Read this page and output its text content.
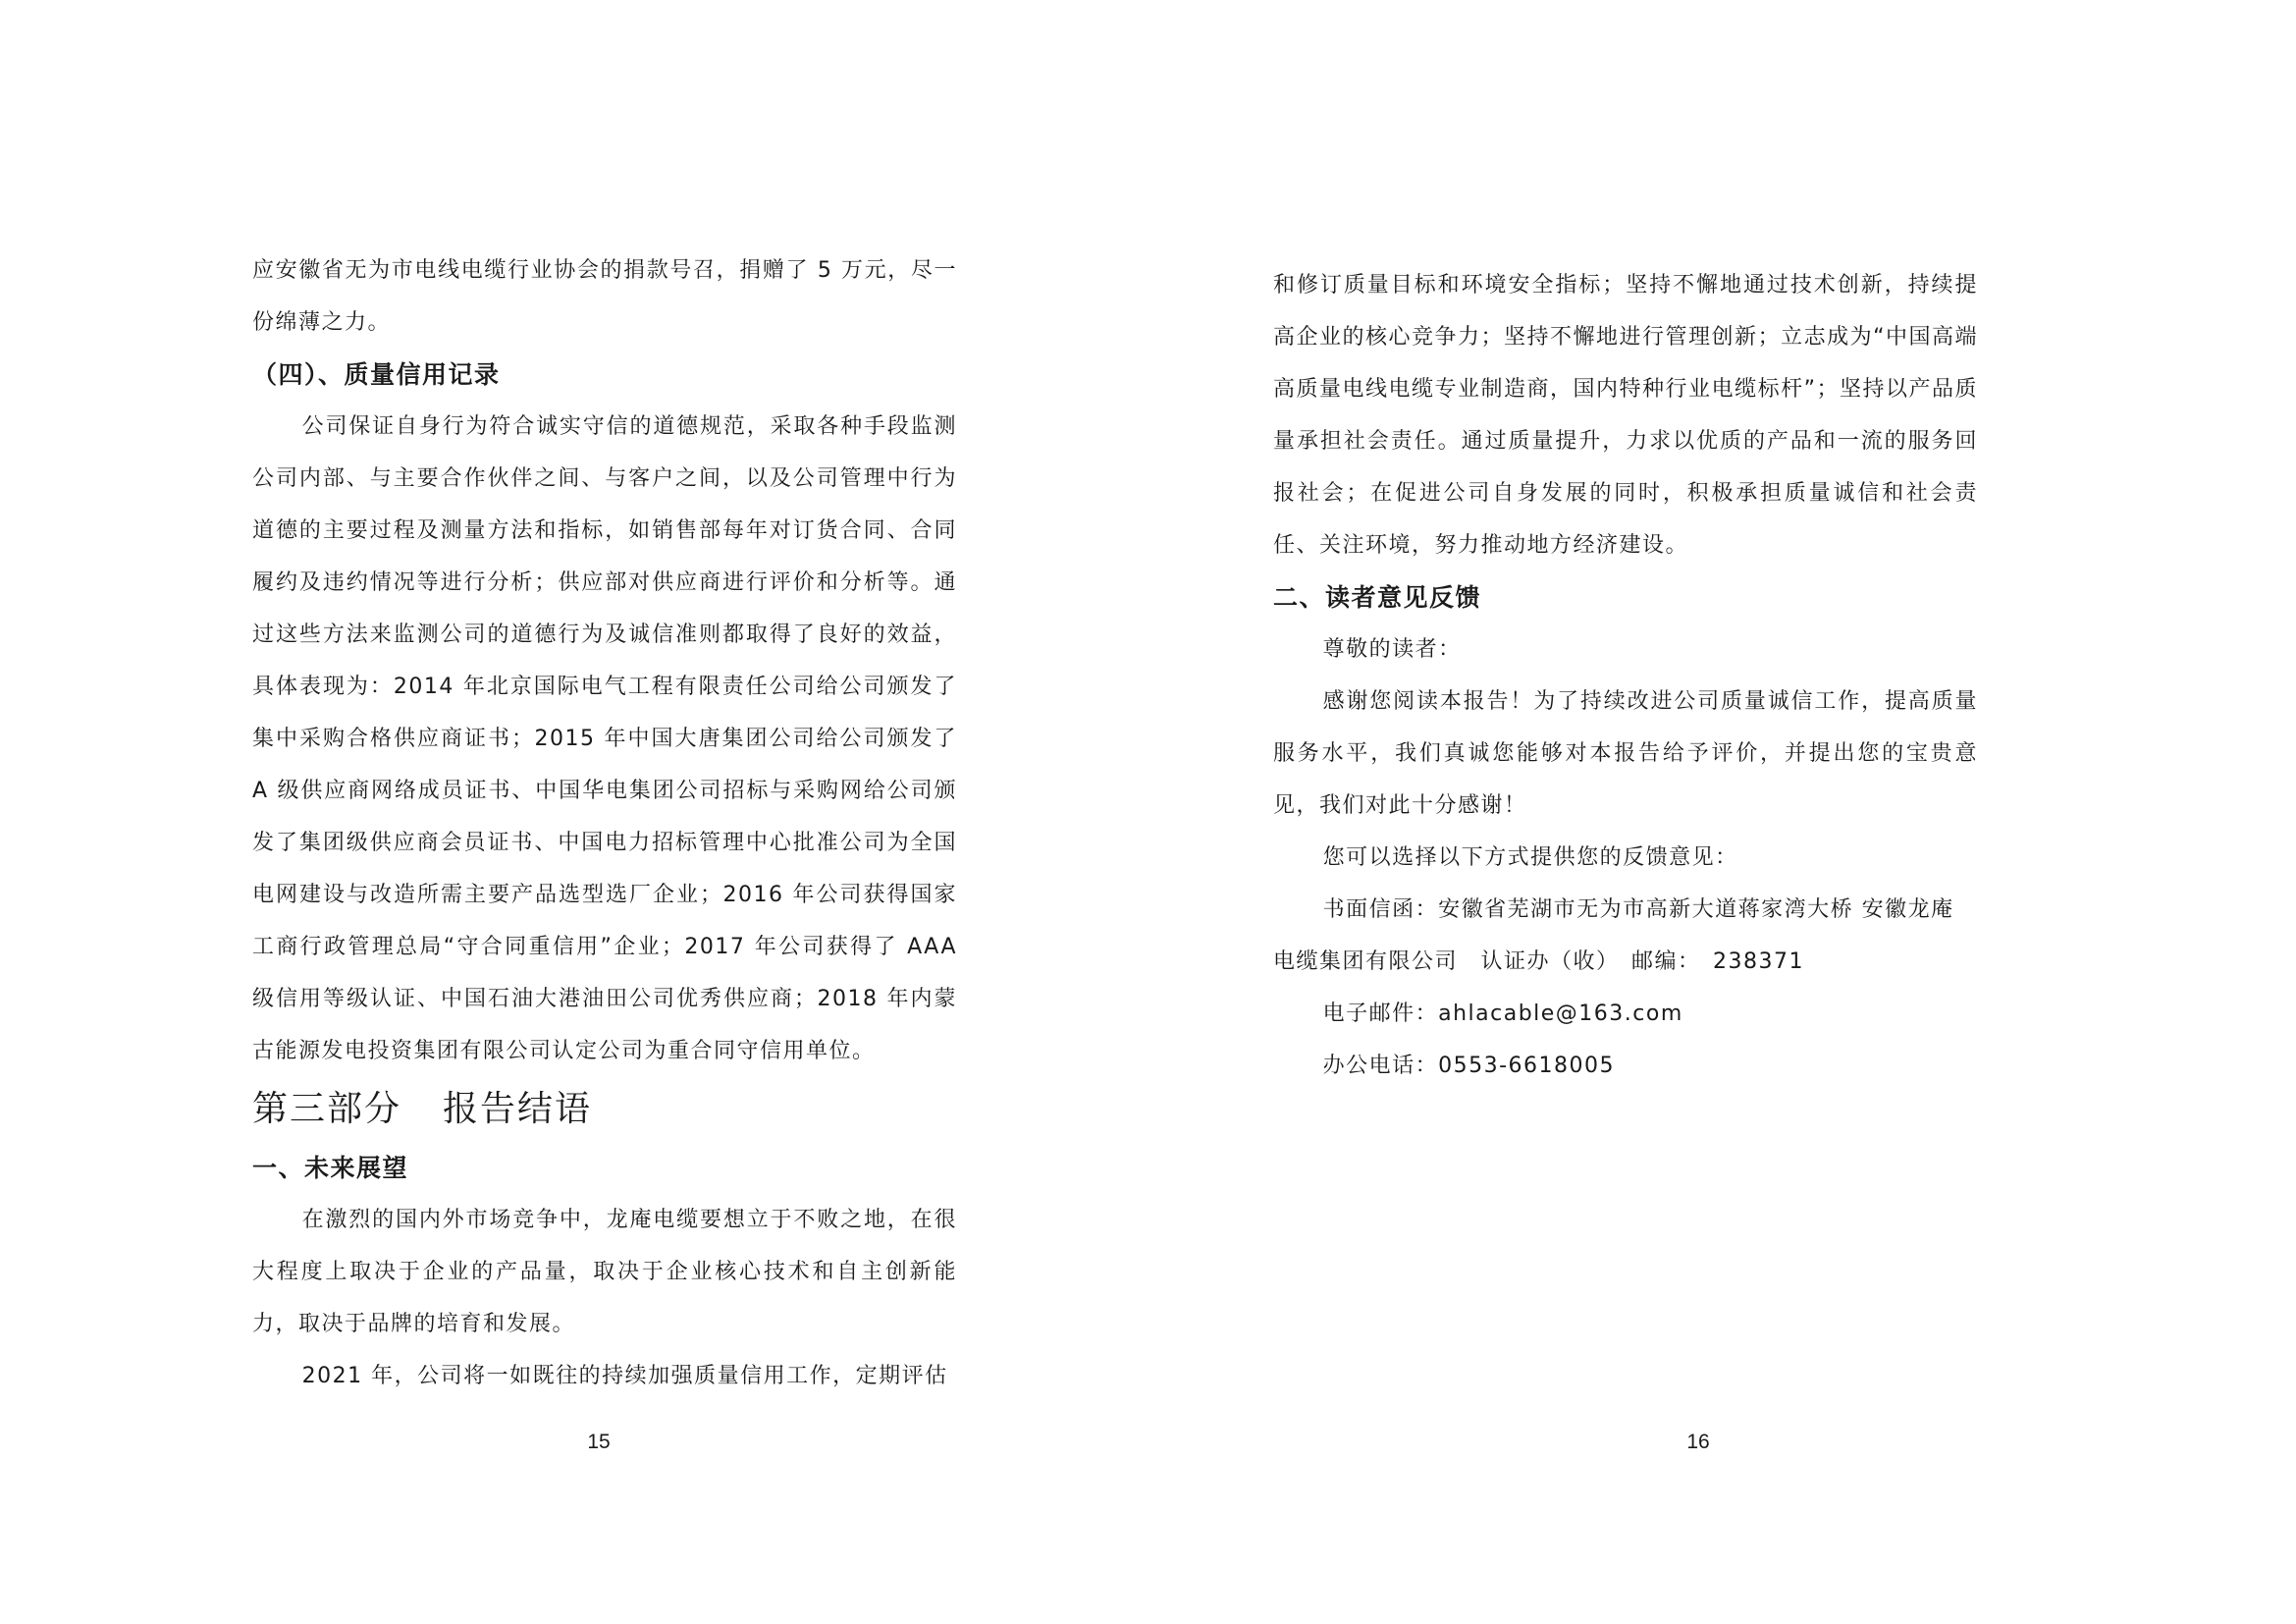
应安徽省无为市电线电缆行业协会的捐款号召，捐赠了 5 万元，尽一份绵薄之力。

（四）、质量信用记录

公司保证自身行为符合诚实守信的道德规范，采取各种手段监测公司内部、与主要合作伙伴之间、与客户之间，以及公司管理中行为道德的主要过程及测量方法和指标，如销售部每年对订货合同、合同履约及违约情况等进行分析；供应部对供应商进行评价和分析等。通过这些方法来监测公司的道德行为及诚信准则都取得了良好的效益，具体表现为：2014 年北京国际电气工程有限责任公司给公司颁发了集中采购合格供应商证书；2015 年中国大唐集团公司给公司颁发了 A 级供应商网络成员证书、中国华电集团公司招标与采购网给公司颁发了集团级供应商会员证书、中国电力招标管理中心批准公司为全国电网建设与改造所需主要产品选型选厂企业；2016 年公司获得国家工商行政管理总局“守合同重信用”企业；2017 年公司获得了 AAA 级信用等级认证、中国石油大港油田公司优秀供应商；2018 年内蒙古能源发电投资集团有限公司认定公司为重合同守信用单位。

第三部分 报告结语
一、未来展望

在激烈的国内外市场竞争中，龙庵电缆要想立于不败之地，在很大程度上取决于企业的产品量，取决于企业核心技术和自主创新能力，取决于品牌的培育和发展。

2021 年，公司将一如既往的持续加强质量信用工作，定期评估

15

和修订质量目标和环境安全指标；坚持不懈地通过技术创新，持续提高企业的核心竞争力；坚持不懈地进行管理创新；立志成为“中国高端高质量电线电缆专业制造商，国内特种行业电缆标杆”；坚持以产品质量承担社会责任。通过质量提升，力求以优质的产品和一流的服务回报社会；在促进公司自身发展的同时，积极承担质量诚信和社会责任、关注环境，努力推动地方经济建设。

二、读者意见反馈

尊敬的读者：

感谢您阅读本报告！为了持续改进公司质量诚信工作，提高质量服务水平，我们真诚您能够对本报告给予评价，并提出您的宝贵意见，我们对此十分感谢！

您可以选择以下方式提供您的反馈意见：

书面信函：安徽省芜湖市无为市高新大道蒋家湾大桥 安徽龙庵

电缆集团有限公司　认证办（收）　邮编：　238371

电子邮件：ahlacable@163.com

办公电话：0553-6618005

16
